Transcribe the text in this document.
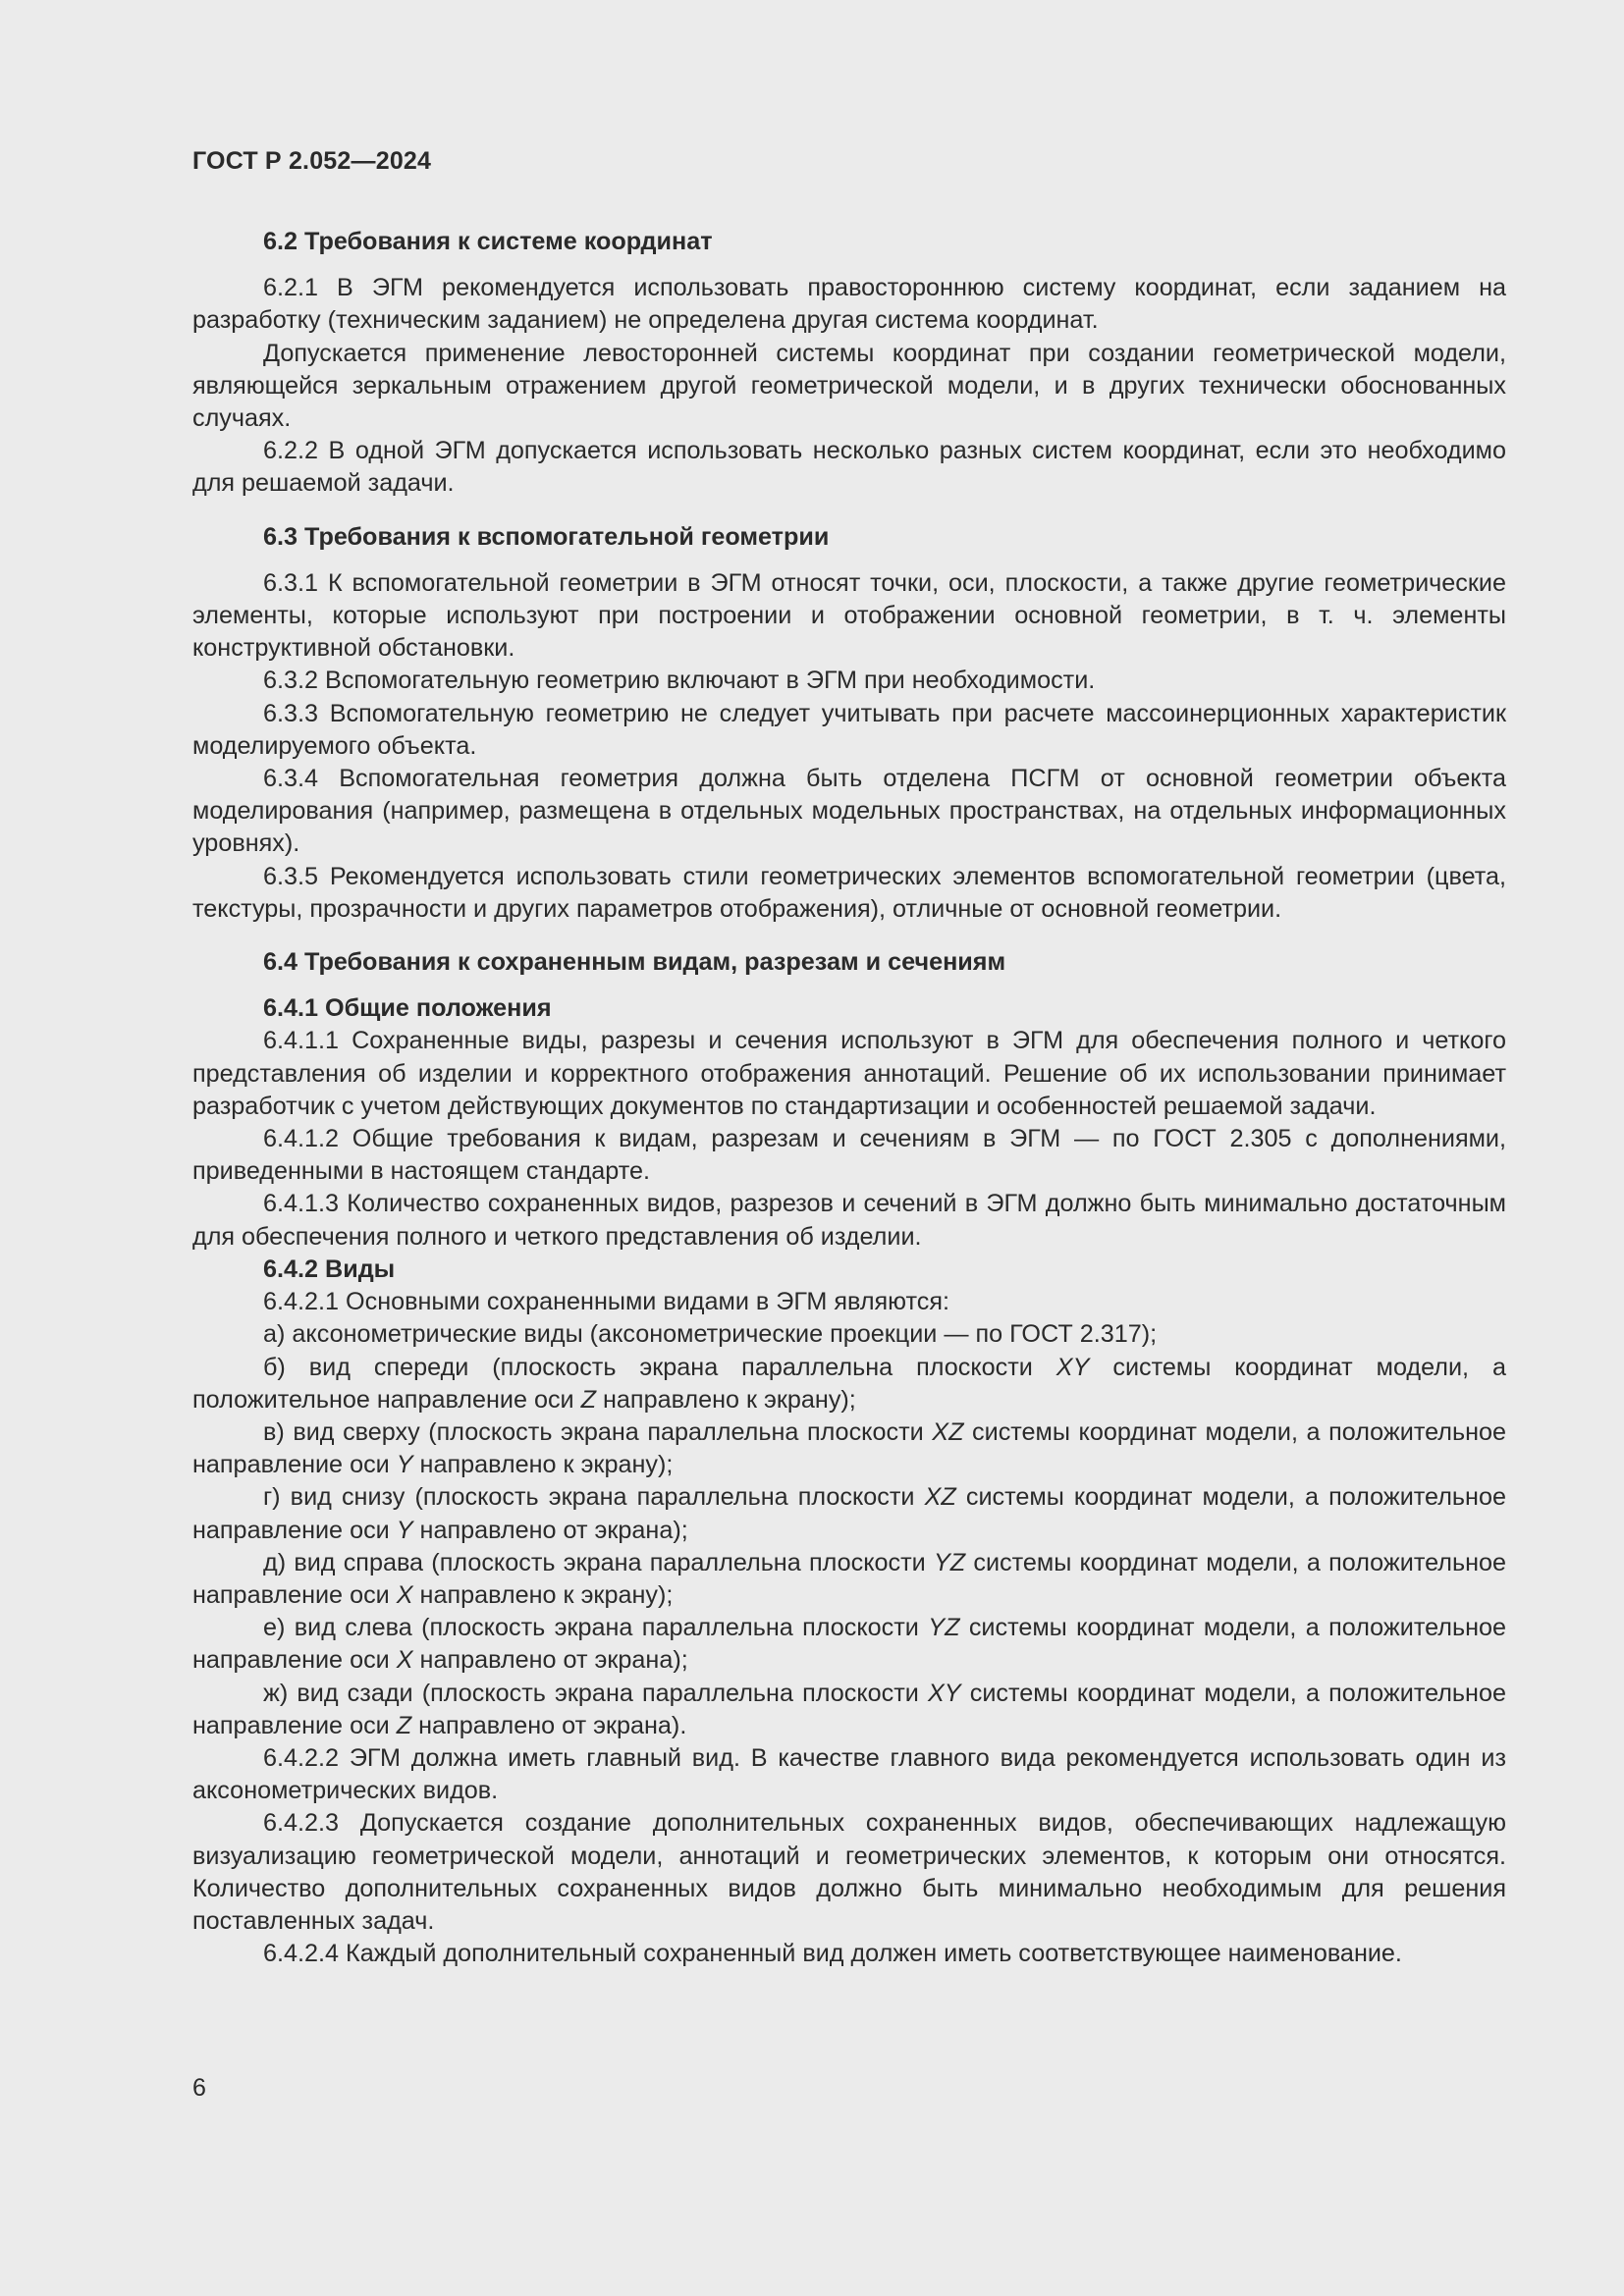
ГОСТ Р 2.052—2024
6.2 Требования к системе координат

6.2.1 В ЭГМ рекомендуется использовать правостороннюю систему координат, если заданием на разработку (техническим заданием) не определена другая система координат.

Допускается применение левосторонней системы координат при создании геометрической модели, являющейся зеркальным отражением другой геометрической модели, и в других технически обоснованных случаях.

6.2.2 В одной ЭГМ допускается использовать несколько разных систем координат, если это необходимо для решаемой задачи.

6.3 Требования к вспомогательной геометрии

6.3.1 К вспомогательной геометрии в ЭГМ относят точки, оси, плоскости, а также другие геометрические элементы, которые используют при построении и отображении основной геометрии, в т. ч. элементы конструктивной обстановки.

6.3.2 Вспомогательную геометрию включают в ЭГМ при необходимости.

6.3.3 Вспомогательную геометрию не следует учитывать при расчете массоинерционных характеристик моделируемого объекта.

6.3.4 Вспомогательная геометрия должна быть отделена ПСГМ от основной геометрии объекта моделирования (например, размещена в отдельных модельных пространствах, на отдельных информационных уровнях).

6.3.5 Рекомендуется использовать стили геометрических элементов вспомогательной геометрии (цвета, текстуры, прозрачности и других параметров отображения), отличные от основной геометрии.

6.4 Требования к сохраненным видам, разрезам и сечениям
6.4.1 Общие положения

6.4.1.1 Сохраненные виды, разрезы и сечения используют в ЭГМ для обеспечения полного и четкого представления об изделии и корректного отображения аннотаций. Решение об их использовании принимает разработчик с учетом действующих документов по стандартизации и особенностей решаемой задачи.

6.4.1.2 Общие требования к видам, разрезам и сечениям в ЭГМ — по ГОСТ 2.305 с дополнениями, приведенными в настоящем стандарте.

6.4.1.3 Количество сохраненных видов, разрезов и сечений в ЭГМ должно быть минимально достаточным для обеспечения полного и четкого представления об изделии.

6.4.2 Виды

6.4.2.1 Основными сохраненными видами в ЭГМ являются:

а) аксонометрические виды (аксонометрические проекции — по ГОСТ 2.317);

б) вид спереди (плоскость экрана параллельна плоскости XY системы координат модели, а положительное направление оси Z направлено к экрану);

в) вид сверху (плоскость экрана параллельна плоскости XZ системы координат модели, а положительное направление оси Y направлено к экрану);

г) вид снизу (плоскость экрана параллельна плоскости XZ системы координат модели, а положительное направление оси Y направлено от экрана);

д) вид справа (плоскость экрана параллельна плоскости YZ системы координат модели, а положительное направление оси X направлено к экрану);

е) вид слева (плоскость экрана параллельна плоскости YZ системы координат модели, а положительное направление оси X направлено от экрана);

ж) вид сзади (плоскость экрана параллельна плоскости XY системы координат модели, а положительное направление оси Z направлено от экрана).

6.4.2.2 ЭГМ должна иметь главный вид. В качестве главного вида рекомендуется использовать один из аксонометрических видов.

6.4.2.3 Допускается создание дополнительных сохраненных видов, обеспечивающих надлежащую визуализацию геометрической модели, аннотаций и геометрических элементов, к которым они относятся. Количество дополнительных сохраненных видов должно быть минимально необходимым для решения поставленных задач.

6.4.2.4 Каждый дополнительный сохраненный вид должен иметь соответствующее наименование.

6
